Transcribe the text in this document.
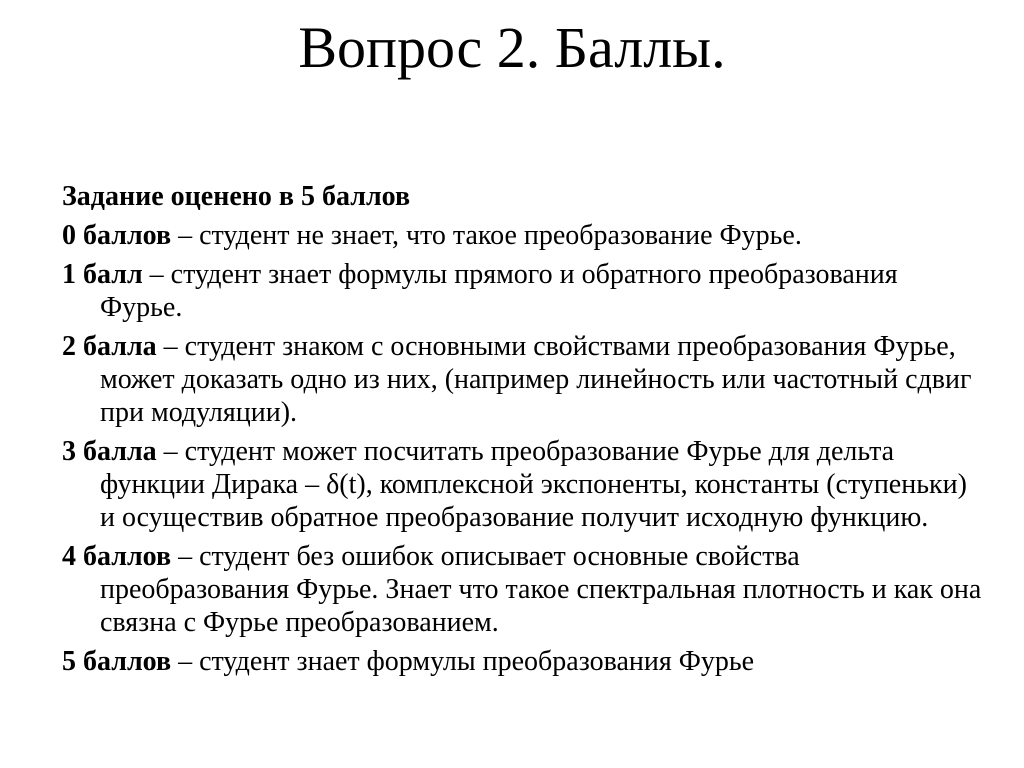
Вопрос 2. Баллы.

Задание оценено в 5 баллов

0 баллов – студент не знает, что такое преобразование Фурье.

1 балл – студент знает формулы прямого и обратного преобразования Фурье.

2 балла – студент знаком с основными свойствами преобразования Фурье, может доказать одно из них, (например линейность или частотный сдвиг при модуляции).

3 балла – студент может посчитать преобразование Фурье для дельта функции Дирака – δ(t), комплексной экспоненты, константы (ступеньки) и осуществив обратное преобразование получит исходную функцию.

4 баллов – студент без ошибок описывает основные свойства преобразования Фурье. Знает что такое спектральная плотность и как она связна с Фурье преобразованием.

5 баллов – студент знает формулы преобразования Фурье
